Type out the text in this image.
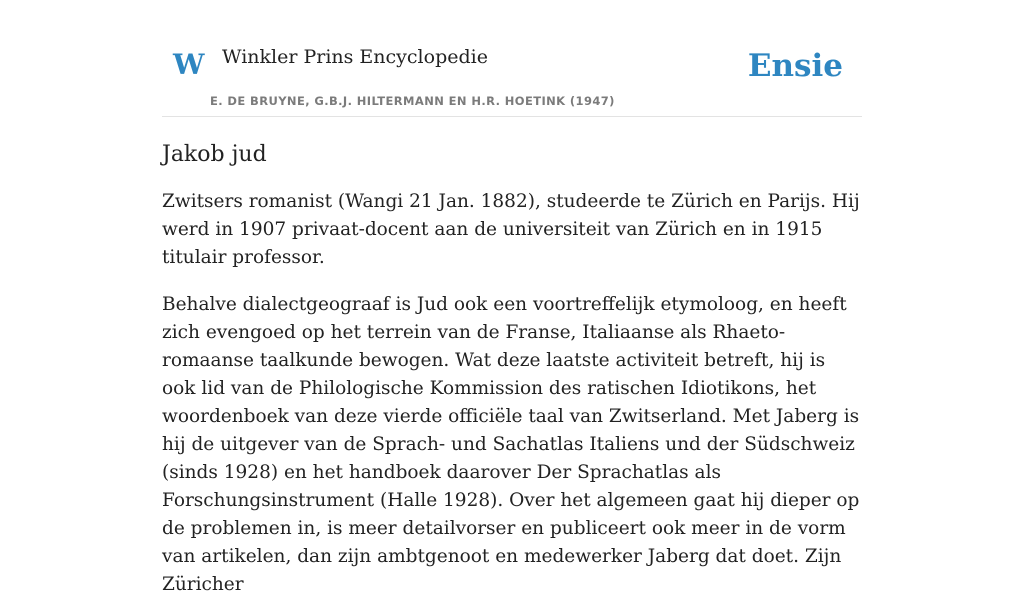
W Winkler Prins Encyclopedie
E. DE BRUYNE, G.B.J. HILTERMANN EN H.R. HOETINK (1947)
Ensie
Jakob jud

Zwitsers romanist (Wangi 21 Jan. 1882), studeerde te Zürich en Parijs. Hij werd in 1907 privaat-docent aan de universiteit van Zürich en in 1915 titulair professor.

Behalve dialectgeograaf is Jud ook een voortreffelijk etymoloog, en heeft zich evengoed op het terrein van de Franse, Italiaanse als Rhaeto-romaanse taalkunde bewogen. Wat deze laatste activiteit betreft, hij is ook lid van de Philologische Kommission des ratischen Idiotikons, het woordenboek van deze vierde officiële taal van Zwitserland. Met Jaberg is hij de uitgever van de Sprach- und Sachatlas Italiens und der Südschweiz (sinds 1928) en het handboek daarover Der Sprachatlas als Forschungsinstrument (Halle 1928). Over het algemeen gaat hij dieper op de problemen in, is meer detailvorser en publiceert ook meer in de vorm van artikelen, dan zijn ambtgenoot en medewerker Jaberg dat doet. Zijn Züricher
